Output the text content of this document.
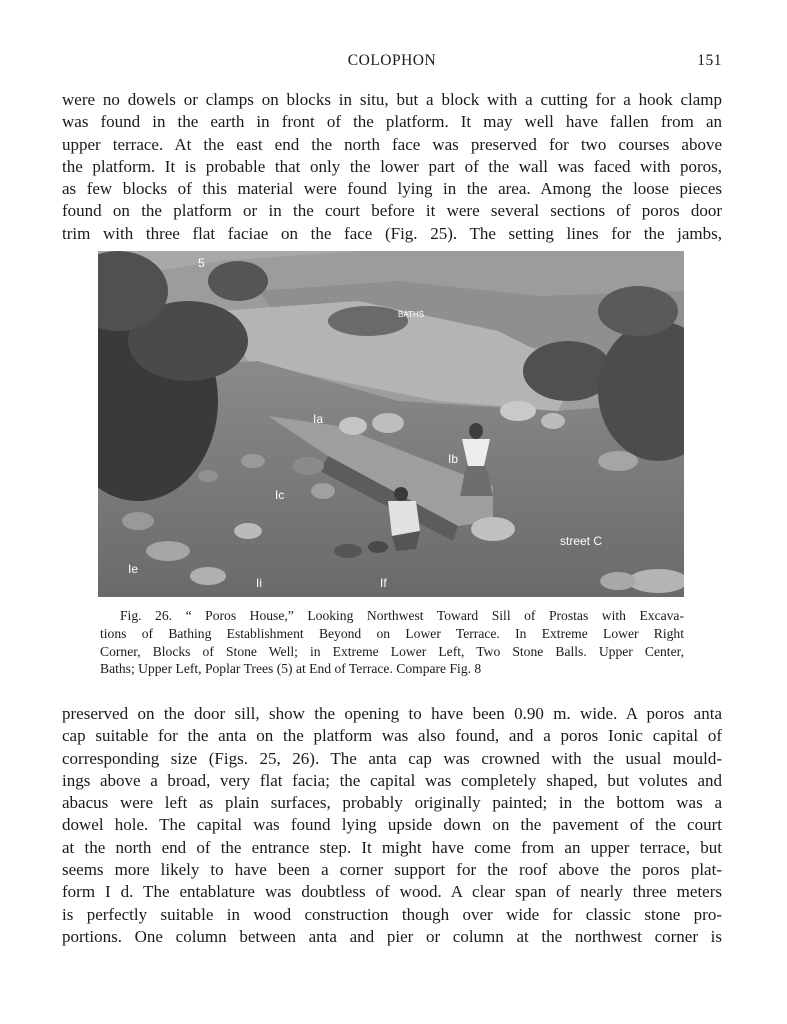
COLOPHON	151

were no dowels or clamps on blocks in situ, but a block with a cutting for a hook clamp
was found in the earth in front of the platform. It may well have fallen from an
upper terrace. At the east end the north face was preserved for two courses above
the platform. It is probable that only the lower part of the wall was faced with poros,
as few blocks of this material were found lying in the area. Among the loose pieces
found on the platform or in the court before it were several sections of poros door
trim with three flat faciae on the face (Fig. 25). The setting lines for the jambs,

5
BATHS
Ia
Ib
Ic
Ie
Ii	If
street C
Fig. 26. “ Poros House,” Looking Northwest Toward Sill of Prostas with Excava-
tions of Bathing Establishment Beyond on Lower Terrace. In Extreme Lower Right
Corner, Blocks of Stone Well; in Extreme Lower Left, Two Stone Balls. Upper Center,
Baths; Upper Left, Poplar Trees (5) at End of Terrace. Compare Fig. 8

preserved on the door sill, show the opening to have been 0.90 m. wide. A poros anta
cap suitable for the anta on the platform was also found, and a poros Ionic capital of
corresponding size (Figs. 25, 26). The anta cap was crowned with the usual mould-
ings above a broad, very flat facia; the capital was completely shaped, but volutes and
abacus were left as plain surfaces, probably originally painted; in the bottom was a
dowel hole. The capital was found lying upside down on the pavement of the court
at the north end of the entrance step. It might have come from an upper terrace, but
seems more likely to have been a corner support for the roof above the poros plat-
form I d. The entablature was doubtless of wood. A clear span of nearly three meters
is perfectly suitable in wood construction though over wide for classic stone pro-
portions. One column between anta and pier or column at the northwest corner is
